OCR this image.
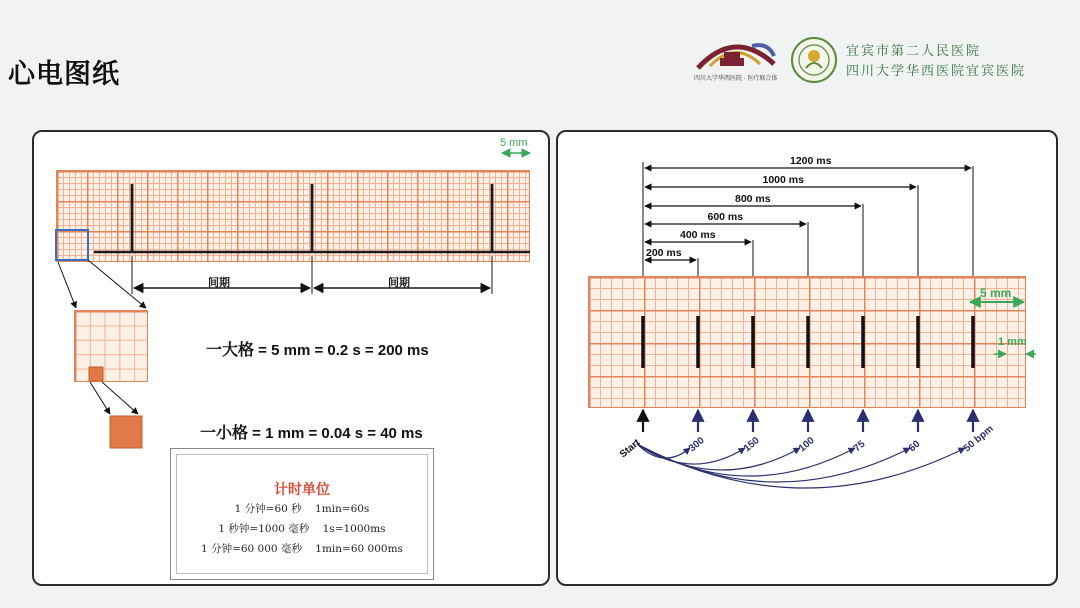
心电图纸	四川大学华西医院 · 医疗联合体
宜宾市第二人民医院
四川大学华西医院宜宾医院
5 mm
间期	间期
一大格 = 5 mm = 0.2 s = 200 ms
一小格 = 1 mm = 0.04 s = 40 ms
计时单位
1 分钟=60 秒    1min=60s
1 秒钟=1000 毫秒    1s=1000ms
1 分钟=60 000 毫秒    1min=60 000ms
200 ms
400 ms
600 ms
800 ms
1000 ms
1200 ms
Start	300	150	100	75	60	50 bpm
5 mm
1 mm
